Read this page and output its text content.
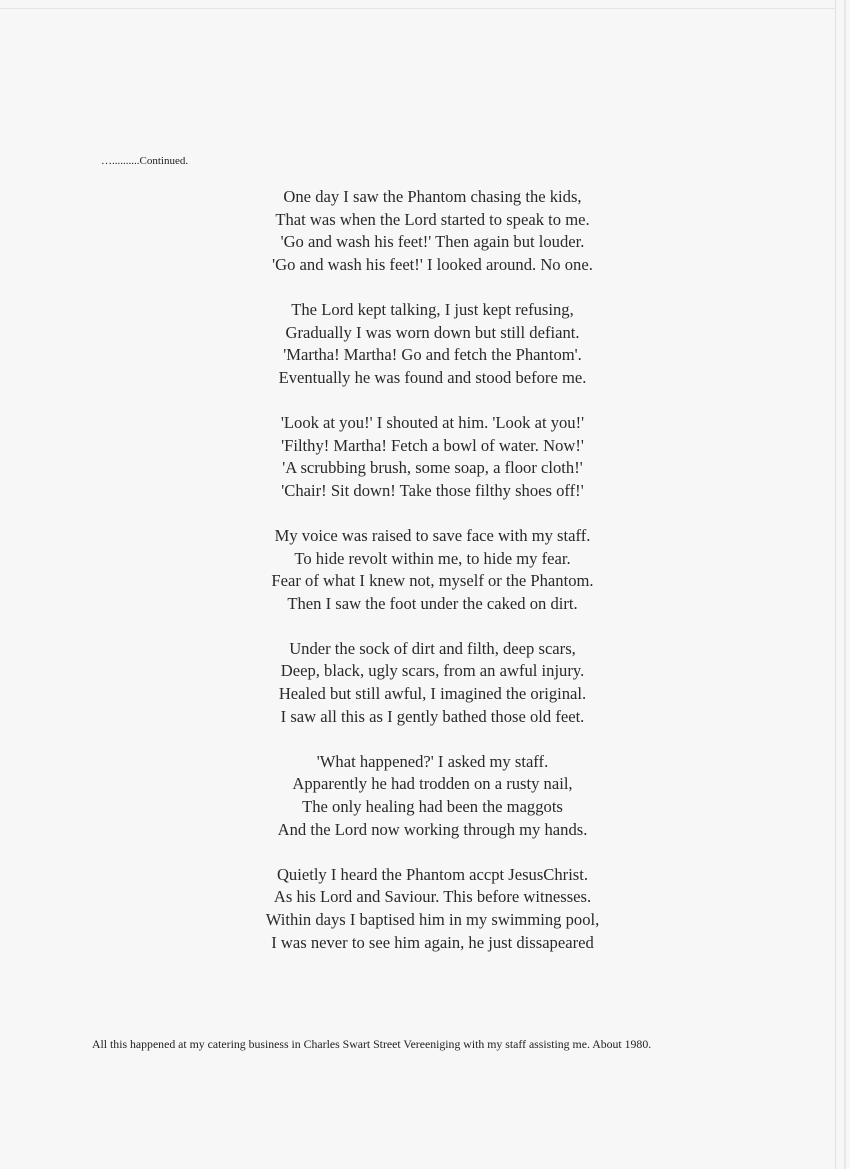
…..........Continued.
One day I saw the Phantom chasing the kids,
That was when the Lord started to speak to me.
'Go and wash his feet!' Then again but louder.
'Go and wash his feet!' I looked around. No one.
The Lord kept talking, I just kept refusing,
Gradually I was worn down but still defiant.
'Martha! Martha! Go and fetch the Phantom'.
Eventually he was found and stood before me.
'Look at you!' I shouted at him. 'Look at you!'
'Filthy! Martha! Fetch a bowl of water. Now!'
'A scrubbing brush, some soap, a floor cloth!'
'Chair! Sit down! Take those filthy shoes off!'
My voice was raised to save face with my staff.
To hide revolt within me, to hide my fear.
Fear of what I knew not, myself or the Phantom.
Then I saw the foot under the caked on dirt.
Under the sock of dirt and filth, deep scars,
Deep, black, ugly scars, from an awful injury.
Healed but still awful, I imagined the original.
I saw all this as I gently bathed those old feet.
'What happened?' I asked my staff.
Apparently he had trodden on a rusty nail,
The only healing had been the maggots
And the Lord now working through my hands.
Quietly I heard the Phantom accpt JesusChrist.
As his Lord and Saviour. This before witnesses.
Within days I baptised him in my swimming pool,
I was never to see him again, he just dissapeared
All this happened at my catering business in Charles Swart Street Vereeniging with my staff assisting me. About 1980.
